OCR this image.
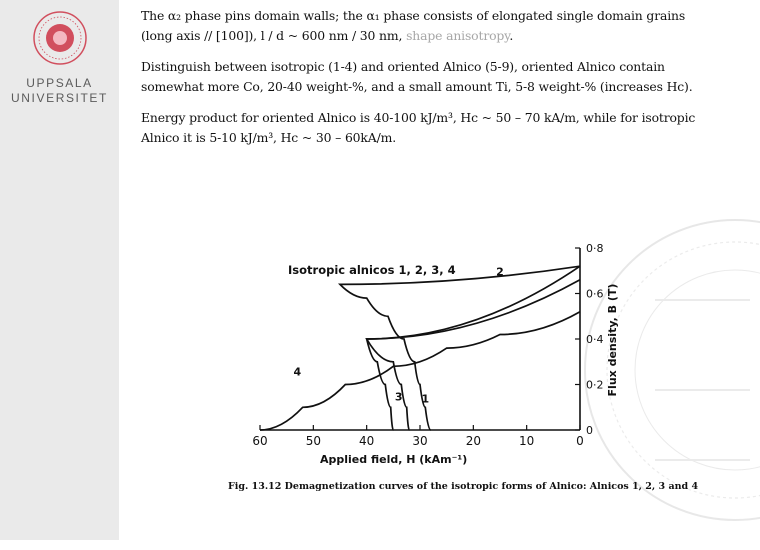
UPPSALA
UNIVERSITET

The α₂ phase pins domain walls; the α₁ phase consists of elongated single domain grains (long axis // [100]), l / d ~ 600 nm / 30 nm, shape anisotropy.

Distinguish between isotropic (1-4) and oriented Alnico (5-9), oriented Alnico contain somewhat more Co, 20-40 weight-%, and a small amount Ti, 5-8 weight-% (increases Hc).

Energy product for oriented Alnico is 40-100 kJ/m³, Hc ~ 50 – 70 kA/m, while for isotropic Alnico it is 5-10 kJ/m³, Hc ~ 30 – 60kA/m.

60	50	40	30	20	10	0
0
0·2
0·4
0·6
0·8
Applied field, H (kAm⁻¹)
Flux density, B (T)
Isotropic alnicos 1, 2, 3, 4
Fig. 13.12 Demagnetization curves of the isotropic forms of Alnico: Alnicos 1, 2, 3 and 4
1
2
3
4
